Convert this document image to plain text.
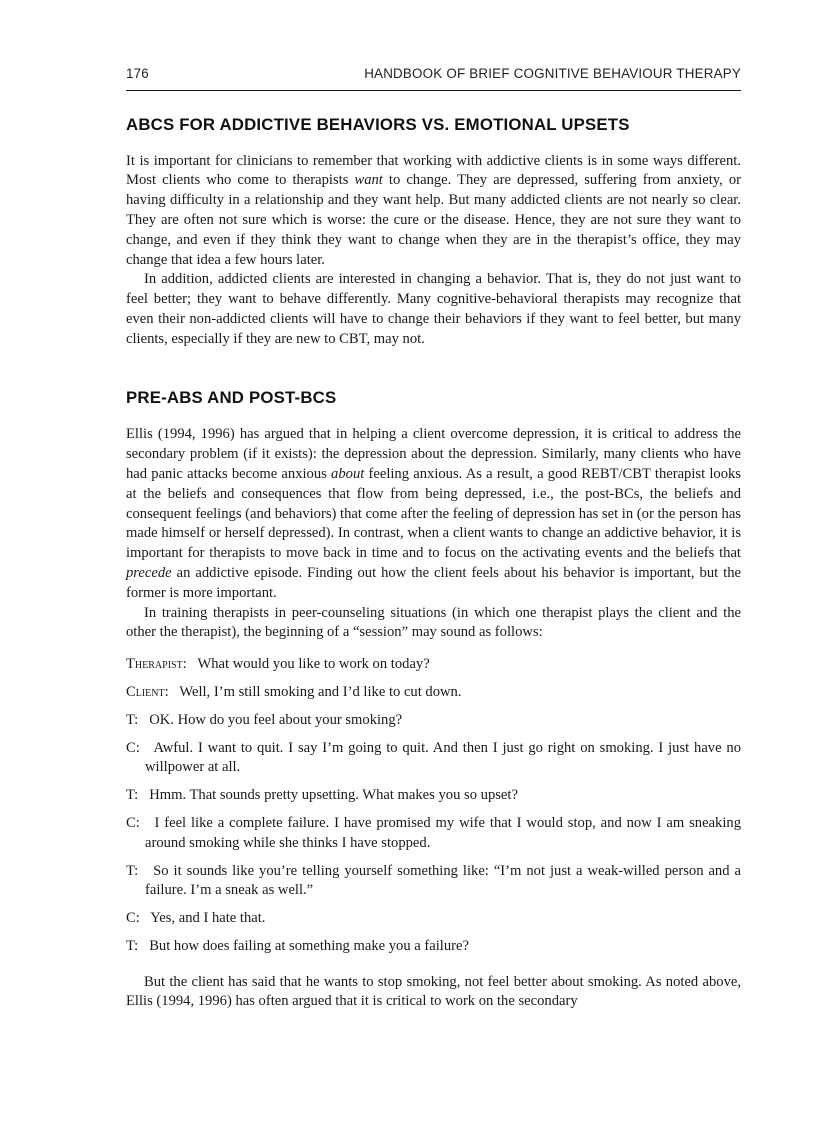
176	HANDBOOK OF BRIEF COGNITIVE BEHAVIOUR THERAPY
ABCS FOR ADDICTIVE BEHAVIORS VS. EMOTIONAL UPSETS

It is important for clinicians to remember that working with addictive clients is in some ways different. Most clients who come to therapists want to change. They are depressed, suffering from anxiety, or having difficulty in a relationship and they want help. But many addicted clients are not nearly so clear. They are often not sure which is worse: the cure or the disease. Hence, they are not sure they want to change, and even if they think they want to change when they are in the therapist’s office, they may change that idea a few hours later.

In addition, addicted clients are interested in changing a behavior. That is, they do not just want to feel better; they want to behave differently. Many cognitive-behavioral therapists may recognize that even their non-addicted clients will have to change their behaviors if they want to feel better, but many clients, especially if they are new to CBT, may not.

PRE-ABS AND POST-BCS

Ellis (1994, 1996) has argued that in helping a client overcome depression, it is critical to address the secondary problem (if it exists): the depression about the depression. Similarly, many clients who have had panic attacks become anxious about feeling anxious. As a result, a good REBT/CBT therapist looks at the beliefs and consequences that flow from being depressed, i.e., the post-BCs, the beliefs and consequent feelings (and behaviors) that come after the feeling of depression has set in (or the person has made himself or herself depressed). In contrast, when a client wants to change an addictive behavior, it is important for therapists to move back in time and to focus on the activating events and the beliefs that precede an addictive episode. Finding out how the client feels about his behavior is important, but the former is more important.

In training therapists in peer-counseling situations (in which one therapist plays the client and the other the therapist), the beginning of a “session” may sound as follows:

Therapist: What would you like to work on today?

Client: Well, I’m still smoking and I’d like to cut down.

T: OK. How do you feel about your smoking?

C: Awful. I want to quit. I say I’m going to quit. And then I just go right on smoking. I just have no willpower at all.

T: Hmm. That sounds pretty upsetting. What makes you so upset?

C: I feel like a complete failure. I have promised my wife that I would stop, and now I am sneaking around smoking while she thinks I have stopped.

T: So it sounds like you’re telling yourself something like: “I’m not just a weak-willed person and a failure. I’m a sneak as well.”

C: Yes, and I hate that.

T: But how does failing at something make you a failure?

But the client has said that he wants to stop smoking, not feel better about smoking. As noted above, Ellis (1994, 1996) has often argued that it is critical to work on the secondary
